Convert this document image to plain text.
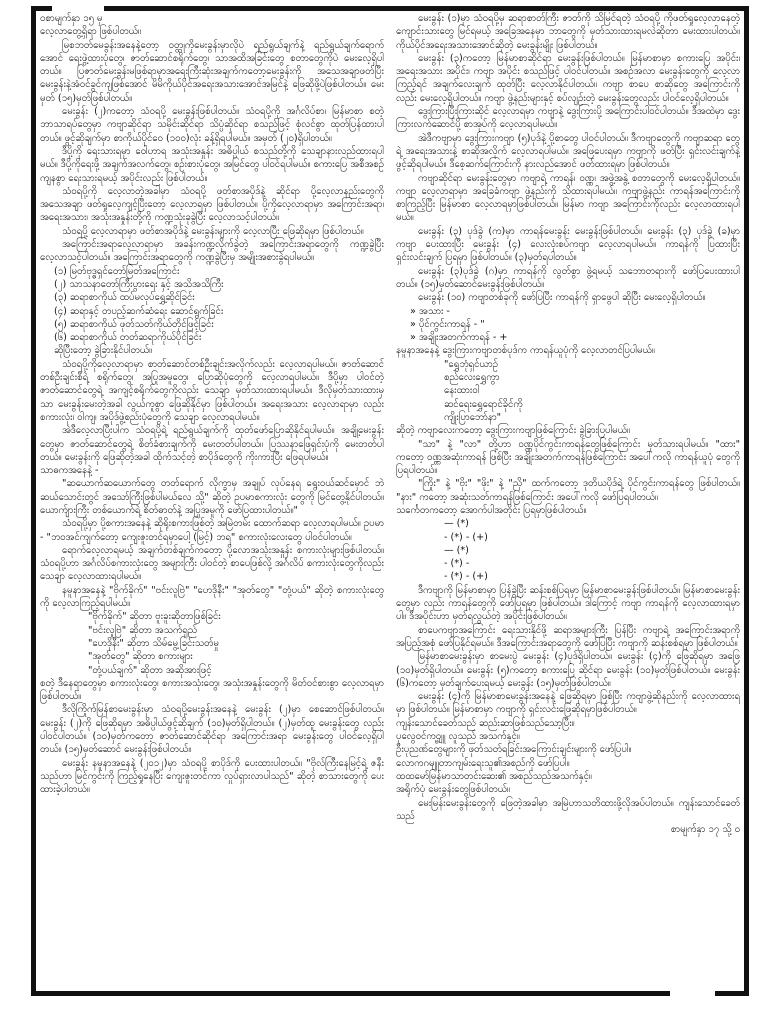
ဝစာမျက်နှာ ၁၅ မှ

လေ့လာတွေ့ရှိရာ ဖြစ်ပါတယ်။

မြစဘတ်မေခွန်းအနေနဲ့တော့ ဝတ္ထုကိုမေးခွန်းမှာလိုပဲ ရည်ရွယ်ချက်နဲ့ ရည်ရွယ်ချက်ရောက်အောင် ရေးဖွဲ့ထားပုံတွေ၊ ဇာတ်ဆောင်စရိုက်တွေ၊ သာအထိအခြင်းတွေ စတာတွေကိုပဲ မေးလေ့ရှိပါတယ်။ ပြဇာတ်မေးခွန်းမဖြစ်ရာမှာအရေးကြီးဆုံးအချက်ကတော့မေးခွန်းကို အသေအချာဖတ်ပြီး မေးခွန်းနဲ့အံဝင်ခွင်ကျဖြစ်အောင် မိမိကိုယ်ပိုင်အရေးအသားအောင်အမြင်နဲ့ ဖြေဆိုဖို့ပဲဖြစ်ပါတယ်။ မေးမှတ် (၁၅)မှတ်ဖြစ်ပါတယ်။

မေးခွန်း (၂)ကတော့ သံဝရပို့ မေးခွန်းဖြစ်ပါတယ်။ သံဝရပို့ကို အင်္ဂလိပ်စာ၊ မြန်မာစာ စတဲ့ ဘာသာရပ်တွေမှာ ကဗျာဆိုင်ရာ သမိုင်းဆိုင်ရာ သိပ္ပံဆိုင်ရာ စသည်ဖြင့် စုံလင်စွာ ထုတ်ပြန်ထားပါတယ်။ ဖွင့်ဆိုချက်မှာ စာကိုယ်ပိုင်ဝေ (၁၀၀)လုံး ခန့်ရှိရပါမယ်။ အမှတ် (၂၀)ရှိပါတယ်။

ဒီပို့ကို ရေးသားရမှာ ဝေါဟာရ အသုံးအနှုန်း အဓိပ္ပါယ် စသည်တို့ကို သေချာနားလည်ထားရပါမယ်။ ဒီပို့ကိုရေးဖို့ အချက်အလက်တွေ၊ စဉ်းစားပုံတွေ၊ အမြင်တွေ ပါဝင်ရပါမယ်။ စကားပြေ အစီအစဉ်ကျနစွာ ရေးသားရမယ့် အပိုင်းလည်း ဖြစ်ပါတယ်။

သံဝရပို့ကို လေ့လာတဲ့အခါမှာ သံဝရပို့ ဖတ်စာအပိုဒ်နဲ့ ဆိုင်ရာ ပို့လေ့လာနည်းတွေကို အသေအချာ ဖတ်ရှုလေ့ကျင့်ပြီးတော့ လေ့လာရမှာ ဖြစ်ပါတယ်။ ပို့ကိုလေ့လာရာမှာ အကြောင်းအရာ၊ အရေးအသား၊ အသုံးအနှုန်းတို့ကို ကဏ္ဍသုံးခုခွဲပြီး လေ့လာသင့်ပါတယ်။

သံဝရပို့ လေ့လာရာမှာ ဖတ်စာအပိုဒ်နဲ့ မေးခွန်းများကို လေ့လာပြီး ဖြေဆိုရမှာ ဖြစ်ပါတယ်။

အကြောင်းအရာလေ့လာရာမှာ အခန်းကဏ္ဍလိုက်ခွဲတဲ့ အကြောင်းအရာတွေကို ကဏ္ဍခွဲပြီး လေ့လာသင့်ပါတယ်။ အကြောင်းအရာတွေကို ကဏ္ဍခွဲပြီးမှ အမျိုးအစားခွဲရပါမယ်။

(၁) မြတ်ဗုဒ္ဓရှင်တော်မြတ်အကြောင်း

(၂) သာသနာတော်ကြီးပွားရေး နှင့် အသိအသိကြီး

(၃) ဆရာစာကိုယ် ထပ်မလုပ်ရွှေ့ဆိုင်ခြင်း

(၄) ဆရာနှင့် တပည့်ဆက်ဆံရေး ဆောင်ရွက်ခြင်း

(၅) ဆရာစာကိုယ် ဖုတ်သတ်ကိုယ်တိုင်ဖြင့်ခြင်း

(၆) ဆရာစာကိုယ် တတ်ဆရာကိုယ်ပိုင်ခြင်း

ဆိုပြီးတော့ ခွဲခြားနိုင်ပါတယ်။

သံဝရပို့ကိုလေ့လာရာမှာ စာတ်ဆောင်တစ်ဦးချင်းအလိုက်လည်း လေ့လာရပါမယ်။ ဇာတ်ဆောင်တစ်ဦးချင်းစီရဲ့ စရိုက်တွေ၊ အပြုအမူတွေ၊ ပြောဆိုပုံတွေကို လေ့လာရပါမယ်။ ဒီပို့မှာ ပါဝင်တဲ့ ဇာတ်ဆောင်တွေရဲ့ အကျင့်စရိုက်တွေကိုလည်း သေချာ မှတ်သားထားရပါမယ်။ ဒီလိုမှတ်သားထားမှသာ မေးခွန်းမေးတဲ့အခါ လွယ်ကူစွာ ဖြေဆိုနိုင်မှာ ဖြစ်ပါတယ်။ အရေးအသား လေ့လာရာမှာ လည်း စကားလုံး၊ ဝါကျ၊ အပိုဒ်ဖွဲ့စည်းပုံတွေကို သေချာ လေ့လာရပါမယ်။

အဲဒီလေ့လာပြီးပါက သံဝရပို့ရဲ့ ရည်ရွယ်ချက်ကို ထုတ်ဖော်ပြောဆိုနိုင်ရပါမယ်။ အချို့မေးခွန်းတွေမှာ ဇာတ်ဆောင်တွေရဲ့ စိတ်ခံစားချက်ကို မေးတတ်ပါတယ်။ ပြဿနာဖြေရှင်းပုံကို မေးတတ်ပါတယ်။ မေးခွန်းကို ဖြေဆိုတဲ့အခါ ထိုက်သင့်တဲ့ စာပိုဒ်တွေကို ကိုးကားပြီး ဖြေရပါမယ်။

သာဓကအနေနဲ့ -

"ဆယောက်ဆယောက်တွေ တတ်ရောက် လိုက္ခာမှ အချုပ် လုပ်နေရ ရွေးဝယ်ဆင်မှောင် ဘဲ ဆယ်သောင်းတွင် အသော်ကြီးဖြစ်ပါမယ်လေ သို့" ဆိုတဲ့ ဥပမာစကားလုံး တွေကို မြင်တွေ့နိုင်ပါတယ်။ ယောက်ျားကြီး တစ်ယောက်ရဲ့ စိတ်ဓာတ်နဲ့ အပြုအမူကို ဖော်ပြထားပါတယ်။"

သံဝရပို့မှာ ပို့စကားအနေနဲ့ ဆိုရိုးစကားဖြစ်တဲ့ အမြဲတမ်း ထောက်ဆရာ လေ့လာရပါမယ်။ ဥပမာ - "ဘဝအင်ကျက်တော့ ကျေးဇူးတင်ရမှာပေါ့ (မြင့်) ဘရ" စကားလုံးလေးတွေ ပါဝင်ပါတယ်။

ရောက်လေ့လာရမယ့် အချက်တစ်ချက်ကတော့ ပို့လောအသုံးအနှုန်း စကားလုံးများဖြစ်ပါတယ်။ သံဝရပို့ဟာ အင်္ဂလိပ်စကားလုံးတွေ အများကြီး ပါဝင်တဲ့ စာပေဖြစ်လို့ အင်္ဂလိပ် စကားလုံးတွေကိုလည်း သေချာ လေ့လာထားရပါမယ်။

နမူနာအနေနဲ့ "ဗိုက်ခိုက်" "ဗင်းလူဗြဲ" "ဟေဒိုနီး" "အုတ်တွေ" "တုံ့ပယ်" ဆိုတဲ့ စကားလုံးတွေကို လေ့လာကြည့်ရပါမယ်။

"ဗိုက်ခိုက်" ဆိုတာ ဗူးခူးဆိုတာဖြစ်ခြင်း

"ဗင်းလူဗြဲ" ဆိုတာ အသက်ရှည်

"ဟေဒိုနီး" ဆိုတာ သိမ်မွေ့ခြင်းသတ်မှု

"အုတ်တွေ" ဆိုတာ စကားများ

"တုံ့ပယ်ချက်" ဆိုတာ အဆိုအားဖြင့်

စတဲ့ ဒီနေရာတွေမှာ စကားလုံးတွေ၊ စကားအသုံးတွေ၊ အသုံးအနှုန်းတွေကို မိတ်ဝင်စားစွာ လေ့လာရမှာဖြစ်ပါတယ်။

ဒီလိုကြိုက်မြန်စာမေးခွန်းမှာ သံဝရပို့မေးခွန်းအနေနဲ့ မေးခွန်း (၂)မှာ စေဆောင်ဖြစ်ပါတယ်။ မေးခွန်း (၂)ကို ဖြေဆိုရမှာ အဓိပ္ပါယ်ဖွင့်ဆိုချက် (၁၀)မှတ်ရှိပါတယ်။ (၂)မှတ်ထူ မေးခွန်းတွေ လည်း ပါဝင်ပါတယ်။ (၁၀)မှတ်ကတော့ ဇာတ်ဆောင်ဆိုင်ရာ အကြောင်းအရာ မေးခွန်းတွေ ပါဝင်လေ့ရှိပါတယ်။ (၁၅)မှတ်ဆောင် မေးခွန်းဖြစ်ပါတယ်။

မေးခွန်း နမူနာအနေနဲ့ (၂၀၁၂)မှာ သံဝရပို့ စာပိုဒ်ကို ပေးထားပါတယ်။ "ဗိုလ်ကြီးနေမြင့်ရဲ့ ဇနီးသည်ဟာ မြင်ကွင်းကို ကြည့်ရှုနေပြီး ကျေးဇူးတင်ကာ လှုပ်ရှားလာပါသည်" ဆိုတဲ့ စာသားတွေကို ပေးထားခဲ့ပါတယ်။

မေးခွန်း (၁)မှာ သံဝရပို့မှ ဆရာစာတ်ကြီး ဇာတ်ကို သိမြင်ရတဲ့ သံဝရပို့ ကိုဖတ်ရှုလေ့လာနေတဲ့ ကျောင်းသားတွေ မြင်ရမယ့် အခြေအနေမှာ ဘာတွေကို မှတ်သားထားရမလဲဆိုတာ မေးထားပါတယ်။ ကိုယ်ပိုင်အရေးအသားအောင်ဆိုတဲ့ မေးခွန်းမျိုး ဖြစ်ပါတယ်။

မေးခွန်း (၃)ကတော့ မြန်မာစာဆိုင်ရာ မေးခွန်းဖြစ်ပါတယ်။ မြန်မာစာမှာ စကားပြေ အပိုင်း၊ အရေးအသား အပိုင်း၊ ကဗျာ အပိုင်း စသည်ဖြင့် ပါဝင်ပါတယ်။ အစဉ်အလာ မေးခွန်းတွေကို လေ့လာကြည့်ရင် အချက်လေးချက် ထုတ်ပြီး လေ့လာနိုင်ပါတယ်။ ကဗျာ စာပေ စာဆိုတွေ အကြောင်းကိုလည်း မေးလေ့ရှိပါတယ်။ ကဗျာ ဖွဲ့နည်းများနှင့် စပ်လျဉ်းတဲ့ မေးခွန်းတွေလည်း ပါဝင်လေ့ရှိပါတယ်။

ဒွေးကြားပြီးကြားဆိုင် လေ့လာရမှာ ကဗျာနဲ့ ဒွေးကြားပို့ အကြောင်းပါဝင်ပါတယ်။ ဒီအထဲမှာ ဒွေးကြားလက်ဆောင်ပို့ စာအုပ်ကို လေ့လာရပါမယ်။

အဲဒီကဗျာမှာ ဒွေးကြားကဗျာ (၅)ပုဒ်နဲ့ ပို့စာတွေ ပါဝင်ပါတယ်။ ဒီကဗျာတွေကို ကဗျာဆရာ တွေရဲ့ အရေးအသားနဲ့ စာဆိုအလိုက် လေ့လာရပါမယ်။ အဖြေပေးရမှာ ကဗျာကို ဖတ်ပြီး ရှင်းလင်းချက်နဲ့ ဖွင့်ဆိုရပါမယ်။ ဒီစေ့ဆက်ကြောင်းကို နားလည်အောင် ဖတ်ထားရမှာ ဖြစ်ပါတယ်။

ကဗျာဆိုင်ရာ မေးခွန်းတွေမှာ ကဗျာရဲ့ ကာရန်၊ ဝဏ္ဏ၊ အဖွဲ့အနွဲ့ စတာတွေကို မေးလေ့ရှိပါတယ်။ ကဗျာ လေ့လာရာမှာ အခြေခံကဗျာ ဖွဲ့နည်းကို သိထားရပါမယ်။ ကဗျာဖွဲ့နည်း ကာရန်အကြောင်းကို စာကြည့်ပြီး မြန်မာစာ လေ့လာရမှာဖြစ်ပါတယ်။ မြန်မာ ကဗျာ အကြောင်းကိုလည်း လေ့လာထားရပါမယ်။

မေးခွန်း (၃) ပုဒ်ခွဲ (က)မှာ ကာရန်မေးခွန်း မေးခွန်းဖြစ်ပါတယ်။ မေးခွန်း (၃) ပုဒ်ခွဲ (ခ)မှာ ကဗျာ ပေးထားပြီး မေးခွန်း (၄) လေးလုံးစပ်ကဗျာ လေ့လာရပါမယ်။ ကာရန်ကို ပြထားပြီး ရှင်းလင်းချက် ပြရမှာ ဖြစ်ပါတယ်။ (၃)မှတ်ရပါတယ်။

မေးခွန်း (၃)ပုဒ်ခွဲ (ဂ)မှာ ကာရန်ကို လွတ်စွာ ဖွဲ့ရမယ့် သဘောတရားကို ဖော်ပြပေးထားပါတယ်။ (၁၅)မှတ်ဆောင်မေးခွန်းဖြစ်ပါတယ်။

မေးခွန်း (၁၀) ကဗျာတစ်ခုကို ဖော်ပြပြီး ကာရန်ကို ရှာဖွေပါ ဆိုပြီး မေးလေ့ရှိပါတယ်။

» အသား -

» ပိုင်ကွင်းကာရန် - "

» အချိုးအတက်ကာရန် - +

နမူနာအနေနဲ့ ဒွေးကြားကဗျာတစ်ပုဒ်က ကာရန်ယူပုံကို လေ့လာတင်ပြပါမယ်။

"ရွှေဘုံရှင်ယာဉ်

စည်လေးရွှေကွာ

နေးထားဝါ

ဆင်ရေးရွှေရောင်ခိုင်ကို

ကျိုးပြာဘော်နာ"

ဆိုတဲ့ ကဗျာလေးကတော့ ဒွေးကြားကဗျာဖြစ်ကြောင်း ခွဲခြားပြပါမယ်။

"သာ" နဲ့ "လာ" တို့ဟာ ဝဏ္ဏပိုင်ကွင်းကာရန်တွေဖြစ်ကြောင်း မှတ်သားရပါမယ်။ "ထား" ကတော့ ဝဏ္ဏအဆုံးကာရန် ဖြစ်ပြီး အချိုးအတက်ကာရန်ဖြစ်ကြောင်း အပေါ်ကလို ကာရန်ယူပုံ တွေကို ပြရပါတယ်။

"ကြိုး" နဲ့ "ဗိုး" "ဖိုး" နဲ့ "ညှိ" ထက်ကတော့ ဒုတိယပိုဒ်ရဲ့ ပိုင်ကွင်းကာရန်တွေ ဖြစ်ပါတယ်။ "နား" ကတော့ အဆုံးသတ်ကာရန်ဖြစ်ကြောင်း အပေါ်ကလို ဖော်ပြရပါတယ်။

သင်္ကေတကတော့ အောက်ပါအတိုင်း ပြရမှာဖြစ်ပါတယ်။

— (*)

- (*) - (+)

— (*)

- (*) -

- (*) - (+)

ဒီကဗျာကို မြန်မာစာမှာ ပြန်ခွဲပြီး ဆန်းစစ်ပြရမှာ မြန်မာစာမေးခွန်းဖြစ်ပါတယ်။ မြန်မာစာမေးခွန်းတွေမှာ လည်း ကာရန်တွေကို ဖော်ပြရမှာ ဖြစ်ပါတယ်။ ဒါကြောင့် ကဗျာ ကာရန်ကို လေ့လာထားရမှာပါ။ ဒီအပိုင်းဟာ မှတ်ရလွယ်တဲ့ အပိုင်းဖြစ်ပါတယ်။

စာပေကဗျာအကြောင်း ရေးသားနိုင်ဖို့ ဆရာအများကြီး ပြန်ပြီး ကဗျာရဲ့ အကြောင်းအရာကို အပြည့်အစုံ ဖော်ပြနိုင်ရမယ်။ ဒီအကြောင်းအရာတွေကို ဖော်ပြပြီး ကဗျာကို ဆန်းစစ်ရမှာ ဖြစ်ပါတယ်။

မြန်မာစာမေးခွန်းမှာ စာမေးပွဲ မေးခွန်း (၄)ပုဒ်ရှိပါတယ်။ မေးခွန်း (၄)ကို ဖြေဆိုရမှာ အဖြေ (၁၀)မှတ်ရှိပါတယ်။ မေးခွန်း (၅)ကတော့ စကားပြေ ဆိုင်ရာ မေးခွန်း (၁၀)မှတ်ဖြစ်ပါတယ်။ မေးခွန်း (၆)ကတော့ မှတ်ချက်ပေးရမယ့် မေးခွန်း (၁၅)မှတ်ဖြစ်ပါတယ်။

မေးခွန်း (၄)ကို မြန်မာစာမေးခွန်းအနေနဲ့ ဖြေဆိုရမှာ ဖြစ်ပြီး ကဗျာဖွဲ့ဆိုနည်းကို လေ့လာထားရမှာ ဖြစ်ပါတယ်။ မြန်မာစာမှာ ကဗျာကို ရှင်းလင်းဖြေဆိုရမှာဖြစ်ပါတယ်။

ကျန်းသောင်ခေတ်သည် ဆည်းဆာဖြစ်သည်သော့ပြီး။

ပုလွေဝင်ကဝ္ဗျူ လူသည် အသက်နှင့်။

ဦးပုညဏ်တွေများကို ဖုတ်သတ်ရခြင်းအကြောင်းချင်းများကို ဖော်ပြပါ။

လောကဂမျူတာကျမ်းရေးသူ၏အစည်ကို ဖော်ပြပါ။

ထထမော်မြန်မာသာတင်းဆေး၏ အစည်သည်အသက်နှင့်။

အရိုက်ပုံ မေးခွန်းတွေဖြစ်ပါတယ်။

မေးမြန်းမေးခွန်းတွေကို ဖြေတဲ့အခါမှာ အမြဲဟာသတိထားဖို့လိုအပ်ပါတယ်။ ကျန်းသောင်ခေတ်သည်

စာမျက်နှာ ၁၇ သို့ ၀
